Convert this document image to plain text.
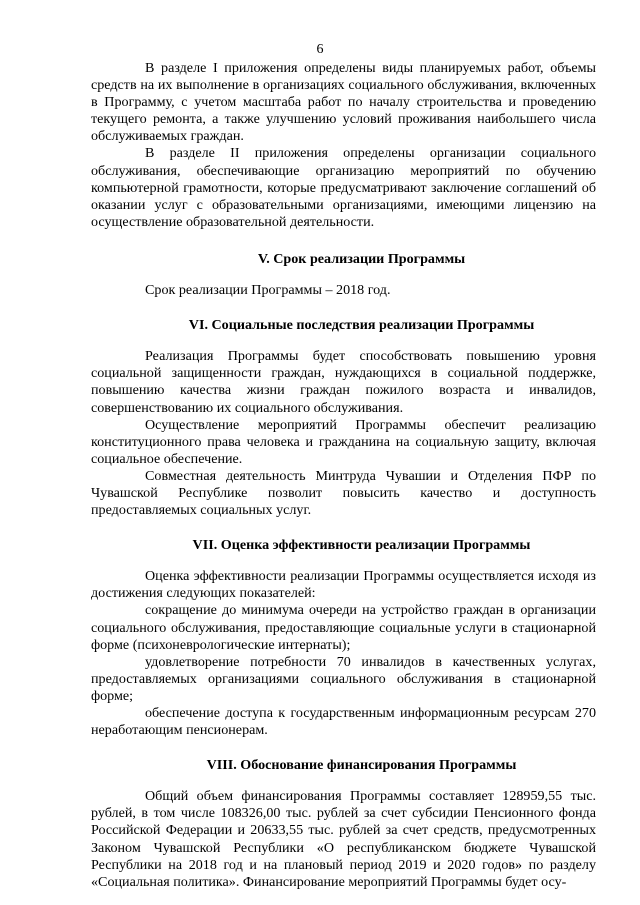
6

В разделе I приложения определены виды планируемых работ, объемы средств на их выполнение в организациях социального обслуживания, включенных в Программу, с учетом масштаба работ по началу строительства и проведению текущего ремонта, а также улучшению условий проживания наибольшего числа обслуживаемых граждан.

В разделе II приложения определены организации социального обслуживания, обеспечивающие организацию мероприятий по обучению компьютерной грамотности, которые предусматривают заключение соглашений об оказании услуг с образовательными организациями, имеющими лицензию на осуществление образовательной деятельности.

V. Срок реализации Программы

Срок реализации Программы – 2018 год.

VI. Социальные последствия реализации Программы

Реализация Программы будет способствовать повышению уровня социальной защищенности граждан, нуждающихся в социальной поддержке, повышению качества жизни граждан пожилого возраста и инвалидов, совершенствованию их социального обслуживания.

Осуществление мероприятий Программы обеспечит реализацию конституционного права человека и гражданина на социальную защиту, включая социальное обеспечение.

Совместная деятельность Минтруда Чувашии и Отделения ПФР по Чувашской Республике позволит повысить качество и доступность предоставляемых социальных услуг.

VII. Оценка эффективности реализации Программы

Оценка эффективности реализации Программы осуществляется исходя из достижения следующих показателей:

сокращение до минимума очереди на устройство граждан в организации социального обслуживания, предоставляющие социальные услуги в стационарной форме (психоневрологические интернаты);

удовлетворение потребности 70 инвалидов в качественных услугах, предоставляемых организациями социального обслуживания в стационарной форме;

обеспечение доступа к государственным информационным ресурсам 270 неработающим пенсионерам.

VIII. Обоснование финансирования Программы

Общий объем финансирования Программы составляет 128959,55 тыс. рублей, в том числе 108326,00 тыс. рублей за счет субсидии Пенсионного фонда Российской Федерации и 20633,55 тыс. рублей за счет средств, предусмотренных Законом Чувашской Республики «О республиканском бюджете Чувашской Республики на 2018 год и на плановый период 2019 и 2020 годов» по разделу «Социальная политика». Финансирование мероприятий Программы будет осу-
